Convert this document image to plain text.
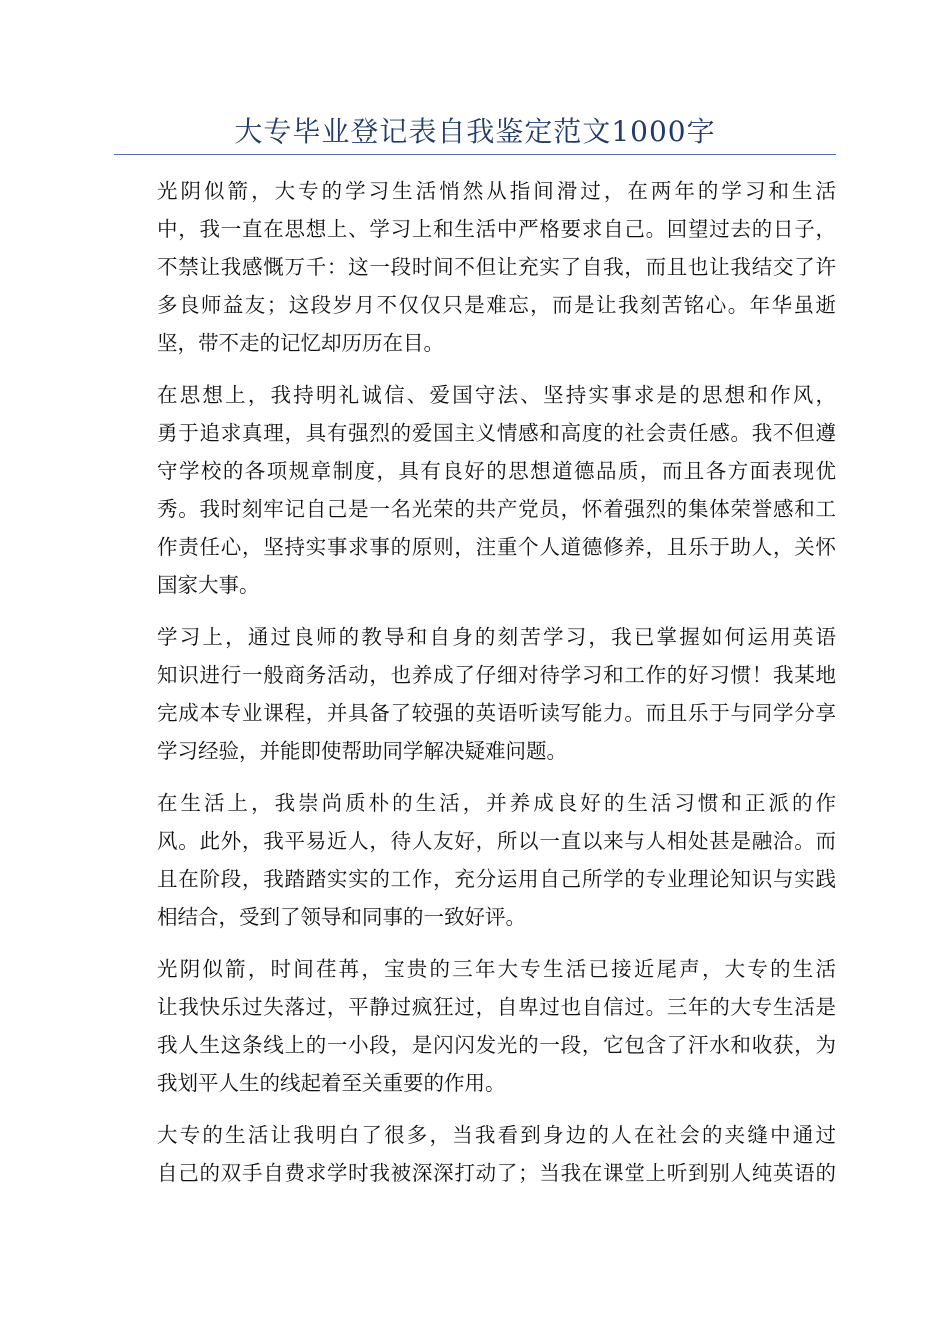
大专毕业登记表自我鉴定范文1000字

光阴似箭，大专的学习生活悄然从指间滑过，在两年的学习和生活
中，我一直在思想上、学习上和生活中严格要求自己。回望过去的日子，
不禁让我感慨万千：这一段时间不但让充实了自我，而且也让我结交了许
多良师益友；这段岁月不仅仅只是难忘，而是让我刻苦铭心。年华虽逝
坚，带不走的记忆却历历在目。

在思想上，我持明礼诚信、爱国守法、坚持实事求是的思想和作风，
勇于追求真理，具有强烈的爱国主义情感和高度的社会责任感。我不但遵
守学校的各项规章制度，具有良好的思想道德品质，而且各方面表现优
秀。我时刻牢记自己是一名光荣的共产党员，怀着强烈的集体荣誉感和工
作责任心，坚持实事求事的原则，注重个人道德修养，且乐于助人，关怀
国家大事。

学习上，通过良师的教导和自身的刻苦学习，我已掌握如何运用英语
知识进行一般商务活动，也养成了仔细对待学习和工作的好习惯！我某地
完成本专业课程，并具备了较强的英语听读写能力。而且乐于与同学分享
学习经验，并能即使帮助同学解决疑难问题。

在生活上，我崇尚质朴的生活，并养成良好的生活习惯和正派的作
风。此外，我平易近人，待人友好，所以一直以来与人相处甚是融洽。而
且在阶段，我踏踏实实的工作，充分运用自己所学的专业理论知识与实践
相结合，受到了领导和同事的一致好评。

光阴似箭，时间荏苒，宝贵的三年大专生活已接近尾声，大专的生活
让我快乐过失落过，平静过疯狂过，自卑过也自信过。三年的大专生活是
我人生这条线上的一小段，是闪闪发光的一段，它包含了汗水和收获，为
我划平人生的线起着至关重要的作用。

大专的生活让我明白了很多，当我看到身边的人在社会的夹缝中通过
自己的双手自费求学时我被深深打动了；当我在课堂上听到别人纯英语的
